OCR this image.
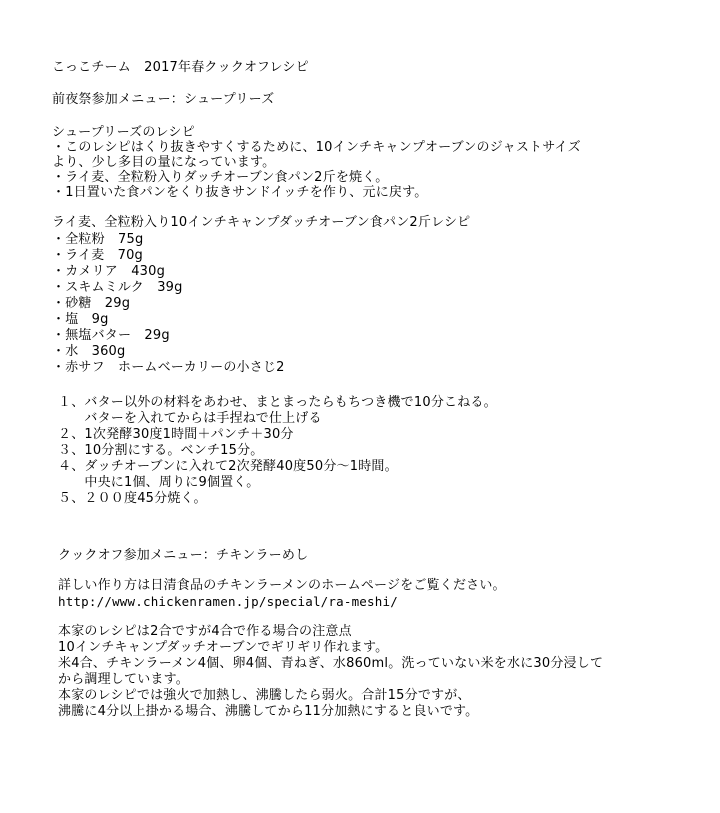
こっこチーム　2017年春クックオフレシピ
前夜祭参加メニュー：シュープリーズ
シュープリーズのレシピ
・このレシピはくり抜きやすくするために、10インチキャンプオーブンのジャストサイズ
より、少し多目の量になっています。
・ライ麦、全粒粉入りダッチオーブン食パン2斤を焼く。
・1日置いた食パンをくり抜きサンドイッチを作り、元に戻す。
ライ麦、全粒粉入り10インチキャンプダッチオーブン食パン2斤レシピ
・全粒粉　75g
・ライ麦　70g
・カメリア　430g
・スキムミルク　39g
・砂糖　29g
・塩　9g
・無塩バター　29g
・水　360g
・赤サフ　ホームベーカリーの小さじ2
１、バター以外の材料をあわせ、まとまったらもちつき機で10分こねる。
　　バターを入れてからは手捏ねで仕上げる
２、1次発酵30度1時間＋パンチ＋30分
３、10分割にする。ベンチ15分。
４、ダッチオーブンに入れて2次発酵40度50分～1時間。
　　中央に1個、周りに9個置く。
５、２００度45分焼く。
クックオフ参加メニュー：チキンラーめし
詳しい作り方は日清食品のチキンラーメンのホームページをご覧ください。
http://www.chickenramen.jp/special/ra-meshi/
本家のレシピは2合ですが4合で作る場合の注意点
10インチキャンプダッチオーブンでギリギリ作れます。
米4合、チキンラーメン4個、卵4個、青ねぎ、水860ml。洗っていない米を水に30分浸して
から調理しています。
本家のレシピでは強火で加熱し、沸騰したら弱火。合計15分ですが、
沸騰に4分以上掛かる場合、沸騰してから11分加熱にすると良いです。
